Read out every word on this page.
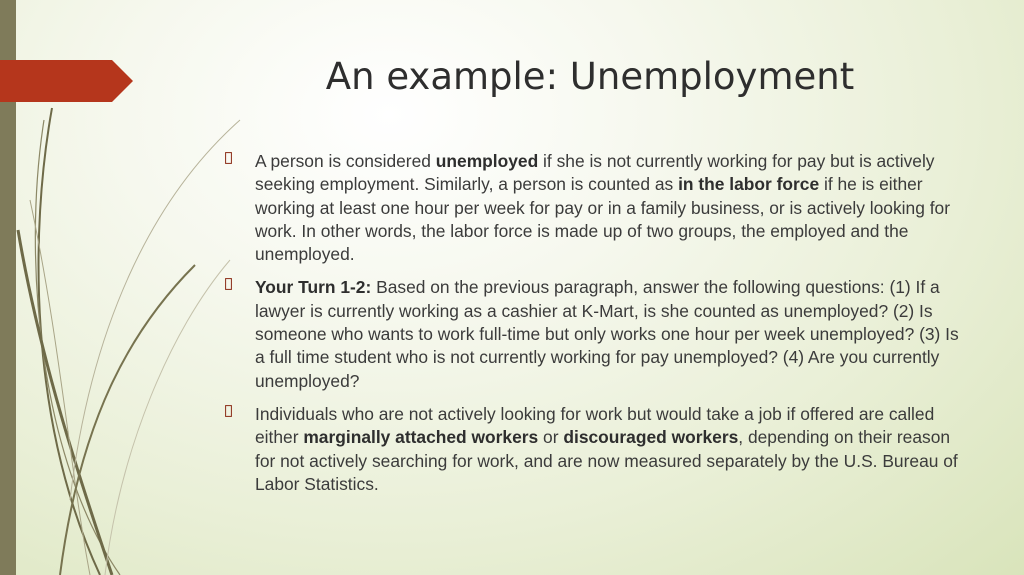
An example: Unemployment
A person is considered unemployed if she is not currently working for pay but is actively seeking employment. Similarly, a person is counted as in the labor force if he is either working at least one hour per week for pay or in a family business, or is actively looking for work. In other words, the labor force is made up of two groups, the employed and the unemployed.
Your Turn 1-2: Based on the previous paragraph, answer the following questions: (1) If a lawyer is currently working as a cashier at K-Mart, is she counted as unemployed? (2) Is someone who wants to work full-time but only works one hour per week unemployed? (3) Is a full time student who is not currently working for pay unemployed? (4) Are you currently unemployed?
Individuals who are not actively looking for work but would take a job if offered are called either marginally attached workers or discouraged workers, depending on their reason for not actively searching for work, and are now measured separately by the U.S. Bureau of Labor Statistics.
